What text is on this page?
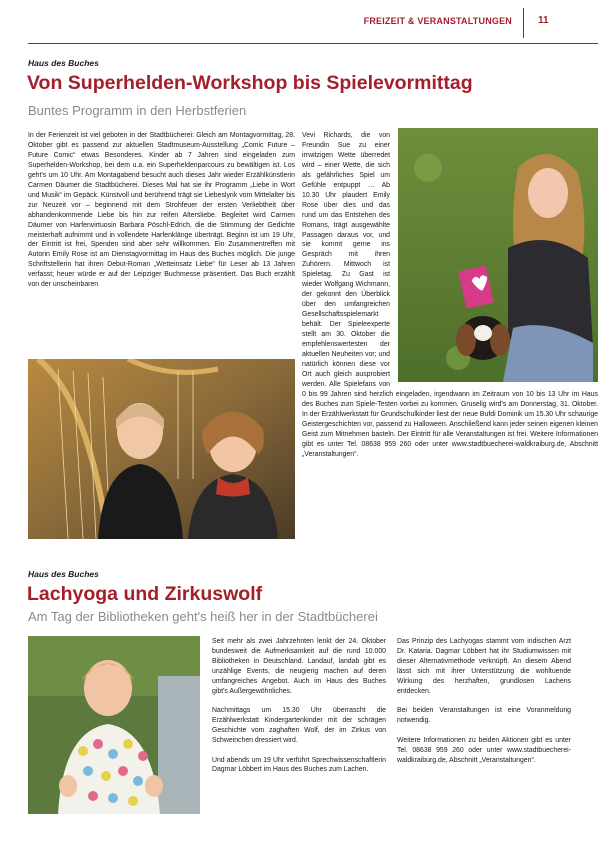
FREIZEIT & VERANSTALTUNGEN	11
Haus des Buches
Von Superhelden-Workshop bis Spielevormittag
Buntes Programm in den Herbstferien
In der Ferienzeit ist viel geboten in der Stadtbücherei: Gleich am Montagvormittag, 28. Oktober gibt es passend zur aktuellen Stadtmuseum-Ausstellung „Comic Future – Future Comic“ etwas Besonderes. Kinder ab 7 Jahren sind eingeladen zum Superhelden-Workshop, bei dem u.a. ein Superheldenparcours zu bewältigen ist. Los geht's um 10 Uhr. Am Montagabend besucht auch dieses Jahr wieder Erzählkünstlerin Carmen Däumer die Stadtbücherei. Dieses Mal hat sie ihr Programm „Liebe in Wort und Musik“ im Gepäck. Künstvoll und berührend trägt sie Liebeslyrik vom Mittelalter bis zur Neuzeit vor – beginnend mit dem Strohfeuer der ersten Verliebtheit über abhandenkommende Liebe bis hin zur reifen Altersliebe. Begleitet wird Carmen Däumer von Harfenvirtuosin Barbara Pöschl-Edrich, die die Stimmung der Gedichte meisterhaft aufnimmt und in vollendete Harfenklänge überträgt. Beginn ist um 19 Uhr, der Eintritt ist frei, Spenden sind aber sehr willkommen. Ein Zusammentreffen mit Autorin Emily Rose ist am Dienstagvormittag im Haus des Buches möglich. Die junge Schriftstellerin hat ihren Debut-Roman „Wetteinsatz Liebe“ für Leser ab 13 Jahren verfasst; heuer würde er auf der Leipziger Buchmesse präsentiert. Das Buch erzählt von der unscheinbaren
Vevi Richards, die von Freundin Sue zu einer irrwitzigen Wette überredet wird – einer Wette, die sich als gefährliches Spiel um Gefühle entpuppt … Ab 10.30 Uhr plaudert Emily Rose über dies und das rund um das Entstehen des Romans, trägt ausgewählte Passagen daraus vor, und sie kommt gerne ins Gespräch mit ihren Zuhörern. Mittwoch ist Spieletag. Zu Gast ist wieder Wolfgang Wichmann, der gekonnt den Überblick über den umfangreichen Gesellschaftsspielemarkt behält. Der Spieleexperte stellt am 30. Oktober die empfehlenswertesten der aktuellen Neuheiten vor; und natürlich können diese vor Ort auch gleich ausprobiert werden. Alle Spielefans von 0 bis 99 Jahren sind herzlich eingeladen, irgendwann im Zeitraum von 10 bis 13 Uhr im Haus des Buches zum Spiele-Testen vorbei zu kommen. Gruselig wird's am Donnerstag, 31. Oktober. In der Erzählwerkstatt für Grundschulkinder liest der neue Bufdi Dominik um 15.30 Uhr schaurige Geistergeschichten vor, passend zu Halloween. Anschließend kann jeder seinen eigenen kleinen Geist zum Mitnehmen basteln. Der Eintritt für alle Veranstaltungen ist frei. Weitere Informationen gibt es unter Tel. 08638 959 260 oder unter www.stadtbuecherei-waldkraiburg.de, Abschnitt „Veranstaltungen“.
Haus des Buches
Lachyoga und Zirkuswolf
Am Tag der Bibliotheken geht's heiß her in der Stadtbücherei

Seit mehr als zwei Jahrzehnten lenkt der 24. Oktober bundesweit die Aufmerksamkeit auf die rund 10.000 Bibliotheken in Deutschland. Landauf, landab gibt es unzählige Events, die neugierig machen auf deren umfangreiches Angebot. Auch im Haus des Buches gibt's Außergewöhnliches.

Nachmittags um 15.30 Uhr überrascht die Erzählwerkstatt Kindergartenkinder mit der schrägen Geschichte vom zaghaften Wolf, der im Zirkus von Schweinchen dressiert wird.

Und abends um 19 Uhr verführt Sprechwissenschaftlerin Dagmar Löbbert im Haus des Buches zum Lachen.

Das Prinzip des Lachyogas stammt vom indischen Arzt Dr. Kataria. Dagmar Löbbert hat ihr Studiumwissen mit dieser Alternativmethode verknüpft. An diesem Abend lässt sich mit ihrer Unterstützung die wohltuende Wirkung des herzhaften, grundlosen Lachens entdecken.

Bei beiden Veranstaltungen ist eine Voranmeldung notwendig.

Weitere Informationen zu beiden Aktionen gibt es unter Tel. 08638 959 260 oder unter www.stadtbuecherei-waldkraiburg.de, Abschnitt „Veranstaltungen“.
